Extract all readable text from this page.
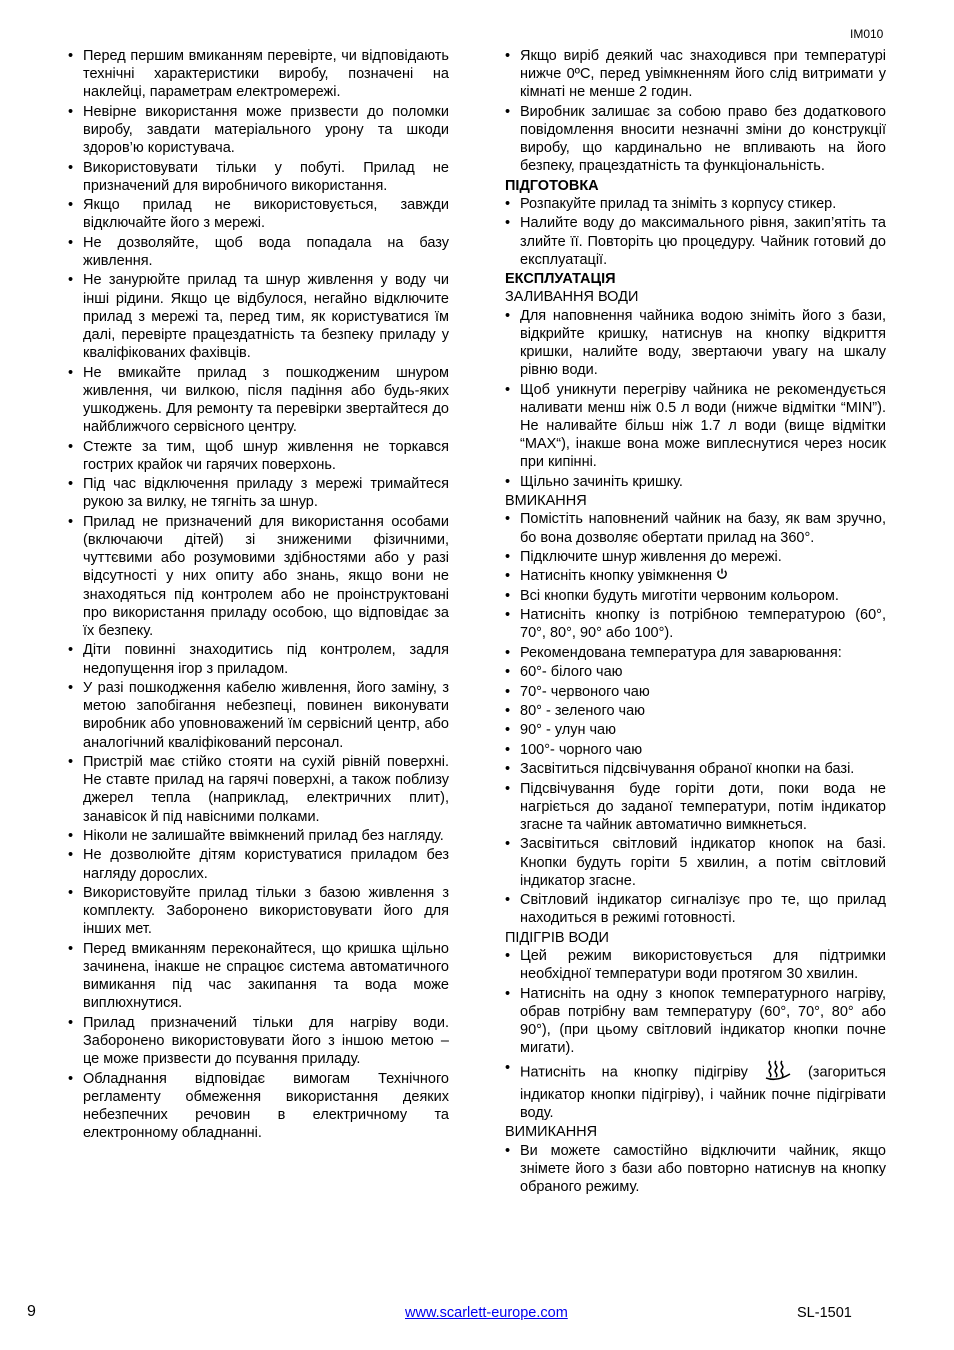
IM010
• Перед першим вмиканням перевірте, чи відповідають технічні характеристики виробу, позначені на наклейці, параметрам електромережі.
• Невірне використання може призвести до поломки виробу, завдати матеріального урону та шкоди здоров’ю користувача.
• Використовувати тільки у побуті. Прилад не призначений для виробничого використання.
• Якщо прилад не використовується, завжди відключайте його з мережі.
• Не дозволяйте, щоб вода попадала на базу живлення.
• Не занурюйте прилад та шнур живлення у воду чи інші рідини. Якщо це відбулося, негайно відключите прилад з мережі та, перед тим, як користуватися їм далі, перевірте працездатність та безпеку приладу у кваліфікованих фахівців.
• Не вмикайте прилад з пошкодженим шнуром живлення, чи вилкою, після падіння або будь-яких ушкоджень. Для ремонту та перевірки звертайтеся до найближчого сервісного центру.
• Стежте за тим, щоб шнур живлення не торкався гострих крайок чи гарячих поверхонь.
• Під час відключення приладу з мережі тримайтеся рукою за вилку, не тягніть за шнур.
• Прилад не призначений для використання особами (включаючи дітей) зі зниженими фізичними, чуттєвими або розумовими здібностями або у разі відсутності у них опиту або знань, якщо вони не знаходяться під контролем або не проінструктовані про використання приладу особою, що відповідає за їх безпеку.
• Діти повинні знаходитись під контролем, задля недопущення ігор з приладом.
• У разі пошкодження кабелю живлення, його заміну, з метою запобігання небезпеці, повинен виконувати виробник або уповноважений їм сервісний центр, або аналогічний кваліфікований персонал.
• Пристрій має стійко стояти на сухій рівній поверхні. Не ставте прилад на гарячі поверхні, а також поблизу джерел тепла (наприклад, електричних плит), занавісок й під навісними полками.
• Ніколи не залишайте ввімкнений прилад без нагляду.
• Не дозволюйте дітям користуватися приладом без нагляду дорослих.
• Використовуйте прилад тільки з базою живлення з комплекту. Заборонено використовувати його для інших мет.
• Перед вмиканням переконайтеся, що кришка щільно зачинена, інакше не спрацює система автоматичного вимикання під час закипання та вода може виплюхнутися.
• Прилад призначений тільки для нагріву води. Заборонено використовувати його з іншою метою – це може призвести до псування приладу.
• Обладнання відповідає вимогам Технічного регламенту обмеження використання деяких небезпечних речовин в електричному та електронному обладнанні.
• Якщо виріб деякий час знаходився при температурі нижче 0ºC, перед увімкненням його слід витримати у кімнаті не менше 2 годин.
• Виробник залишає за собою право без додаткового повідомлення вносити незначні зміни до конструкції виробу, що кардинально не впливають на його безпеку, працездатність та функціональність.

ПІДГОТОВКА

• Розпакуйте прилад та зніміть з корпусу стикер.
• Налийте воду до максимального рівня, закип’ятіть та злийте її. Повторіть цю процедуру. Чайник готовий до експлуатації.

ЕКСПЛУАТАЦІЯ

ЗАЛИВАННЯ ВОДИ

• Для наповнення чайника водою зніміть його з бази, відкрийте кришку, натиснув на кнопку відкриття кришки, налийте воду, звертаючи увагу на шкалу рівню води.
• Щоб уникнути перегріву чайника не рекомендується наливати менш ніж 0.5 л води (нижче відмітки “MIN”). Не наливайте більш ніж 1.7 л води (вище відмітки “MAX“), інакше вона може виплеснутися через носик при кипінні.
• Щільно зачиніть кришку.

ВМИКАННЯ

• Помістіть наповнений чайник на базу, як вам зручно, бо вона дозволяє обертати прилад на 360°.
• Підключите шнур живлення до мережі.
• Натисніть кнопку увімкнення
• Всі кнопки будуть миготіти червоним кольором.
• Натисніть кнопку із потрібною температурою (60°, 70°, 80°, 90° або 100°).
• Рекомендована температура для заварювання:
• 60°- білого чаю
• 70°- червоного чаю
• 80° - зеленого чаю
• 90° - улун чаю
• 100°- чорного чаю
• Засвітиться підсвічування обраної кнопки на базі.
• Підсвічування буде горіти доти, поки вода не нагріється до заданої температури, потім індикатор згасне та чайник автоматично вимкнеться.
• Засвітиться світловий індикатор кнопок на базі. Кнопки будуть горіти 5 хвилин, а потім світловий індикатор згасне.
• Світловий індикатор сигналізує про те, що прилад находиться в режимі готовності.

ПІДІГРІВ ВОДИ

• Цей режим використовується для підтримки необхідної температури води протягом 30 хвилин.
• Натисніть на одну з кнопок температурного нагріву, обрав потрібну вам температуру (60°, 70°, 80° або 90°), (при цьому світловий індикатор кнопки почне мигати).
• Натисніть на кнопку підігріву	(загориться індикатор кнопки підігріву), і чайник почне підігрівати воду.

ВИМИКАННЯ

• Ви можете самостійно відключити чайник, якщо знімете його з бази або повторно натиснув на кнопку обраного режиму.
9	www.scarlett-europe.com	SL-1501
